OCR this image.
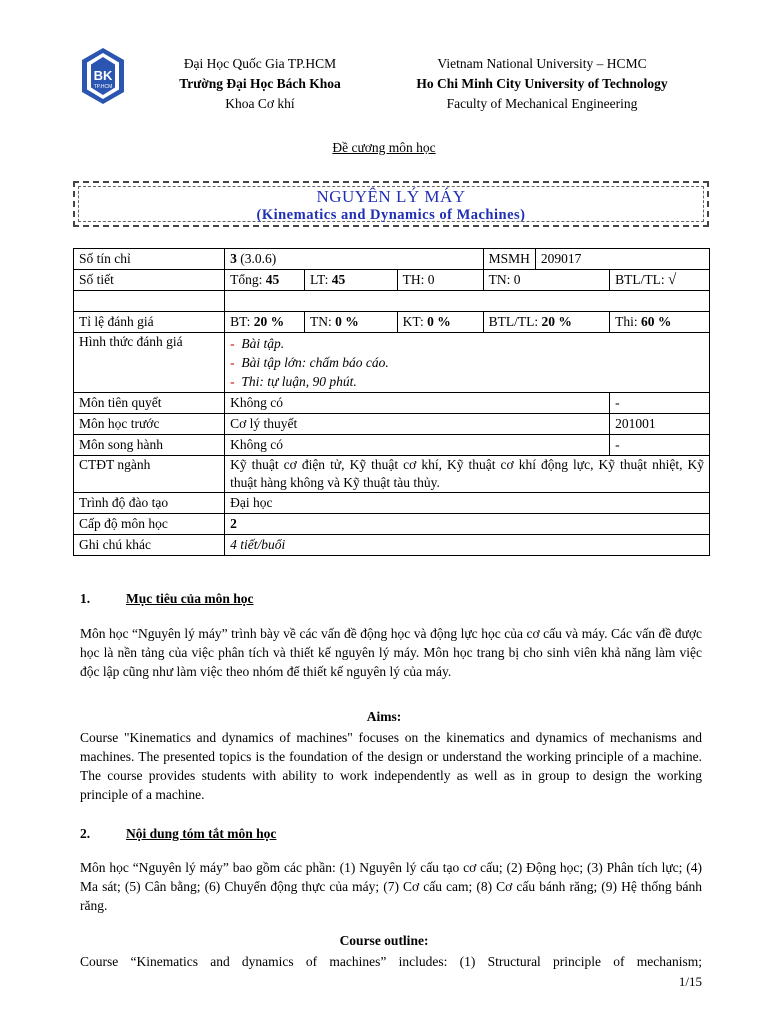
BK
TP.HCM
Đại Học Quốc Gia TP.HCM
Trường Đại Học Bách Khoa
Khoa Cơ khí
Vietnam National University – HCMC
Ho Chi Minh City University of Technology
Faculty of Mechanical Engineering
Đề cương môn học
NGUYÊN LÝ MÁY
(Kinematics and Dynamics of Machines)
Số tín chỉ	3 (3.0.6)			MSMH	209017	
Số tiết	Tổng: 45	LT: 45	TH: 0	TN: 0		BTL/TL: √

Tỉ lệ đánh giá	BT: 20 %	TN: 0 %	KT: 0 %	BTL/TL: 20 %		Thi: 60 %
Hình thức đánh giá	-  Bài tập.
-  Bài tập lớn: chấm báo cáo.
-  Thi: tự luận, 90 phút.					

Môn tiên quyết	Không có					-
Môn học trước	Cơ lý thuyết					201001
Môn song hành	Không có					-
CTĐT ngành	Kỹ thuật cơ điện tử, Kỹ thuật cơ khí, Kỹ thuật cơ khí động lực, Kỹ thuật nhiệt, Kỹ thuật hàng không và Kỹ thuật tàu thủy.					
Trình độ đào tạo	Đại học					
Cấp độ môn học	2					
Ghi chú khác	4 tiết/buổi					
1.	Mục tiêu của môn học
Môn học “Nguyên lý máy” trình bày về các vấn đề động học và động lực học của cơ cấu và máy. Các vấn đề được học là nền tảng của việc phân tích và thiết kế nguyên lý máy. Môn học trang bị cho sinh viên khả năng làm việc độc lập cũng như làm việc theo nhóm để thiết kế nguyên lý của máy.
Aims:
Course "Kinematics and dynamics of machines" focuses on the kinematics and dynamics of mechanisms and machines. The presented topics is the foundation of the design or understand the working principle of a machine. The course provides students with ability to work independently as well as in group to design the working principle of a machine.
2.	Nội dung tóm tắt môn học
Môn học “Nguyên lý máy” bao gồm các phần: (1) Nguyên lý cấu tạo cơ cấu; (2) Động học; (3) Phân tích lực; (4) Ma sát; (5) Cân bằng; (6) Chuyển động thực của máy; (7) Cơ cấu cam; (8) Cơ cấu bánh răng; (9) Hệ thống bánh răng.
Course outline:
Course “Kinematics and dynamics of machines” includes: (1) Structural principle of mechanism;
1/15
